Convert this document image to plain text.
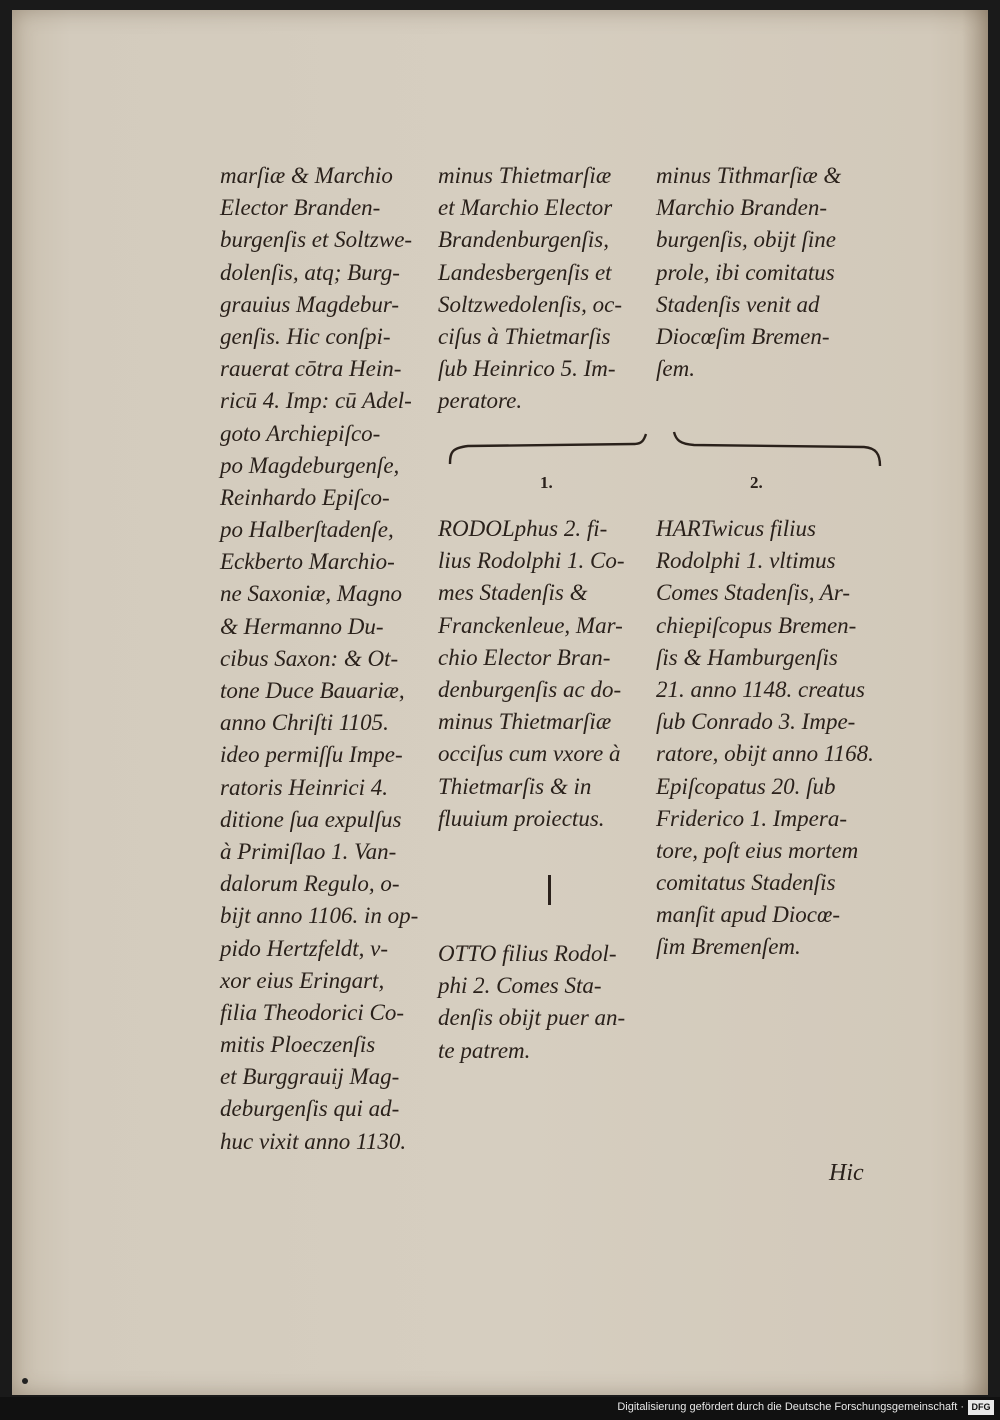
marſiæ & Marchio
Elector Branden-
burgenſis et Soltzwe-
dolenſis, atq; Burg-
grauius Magdebur-
genſis. Hic conſpi-
rauerat cōtra Hein-
ricū 4. Imp: cū Adel-
goto Archiepiſco-
po Magdeburgenſe,
Reinhardo Epiſco-
po Halberſtadenſe,
Eckberto Marchio-
ne Saxoniæ, Magno
& Hermanno Du-
cibus Saxon: & Ot-
tone Duce Bauariæ,
anno Chriſti 1105.
ideo permiſſu Impe-
ratoris Heinrici 4.
ditione ſua expulſus
à Primiſlao 1. Van-
dalorum Regulo, o-
bijt anno 1106. in op-
pido Hertzfeldt, v-
xor eius Eringart,
filia Theodorici Co-
mitis Ploeczenſis
et Burggrauij Mag-
deburgenſis qui ad-
huc vixit anno 1130.
minus Thietmarſiæ
et Marchio Elector
Brandenburgenſis,
Landesbergenſis et
Soltzwedolenſis, oc-
ciſus à Thietmarſis
ſub Heinrico 5. Im-
peratore.
minus Tithmarſiæ &
Marchio Branden-
burgenſis, obijt ſine
prole, ibi comitatus
Stadenſis venit ad
Diocœſim Bremen-
ſem.
1.	2.
RODOLphus 2. fi-
lius Rodolphi 1. Co-
mes Stadenſis &
Franckenleue, Mar-
chio Elector Bran-
denburgenſis ac do-
minus Thietmarſiæ
occiſus cum vxore à
Thietmarſis & in
fluuium proiectus.
HARTwicus filius
Rodolphi 1. vltimus
Comes Stadenſis, Ar-
chiepiſcopus Bremen-
ſis & Hamburgenſis
21. anno 1148. creatus
ſub Conrado 3. Impe-
ratore, obijt anno 1168.
Epiſcopatus 20. ſub
Friderico 1. Impera-
tore, poſt eius mortem
comitatus Stadenſis
manſit apud Diocœ-
ſim Bremenſem.
OTTO filius Rodol-
phi 2. Comes Sta-
denſis obijt puer an-
te patrem.
Hic
Digitalisierung gefördert durch die Deutsche Forschungsgemeinschaft · DFG
